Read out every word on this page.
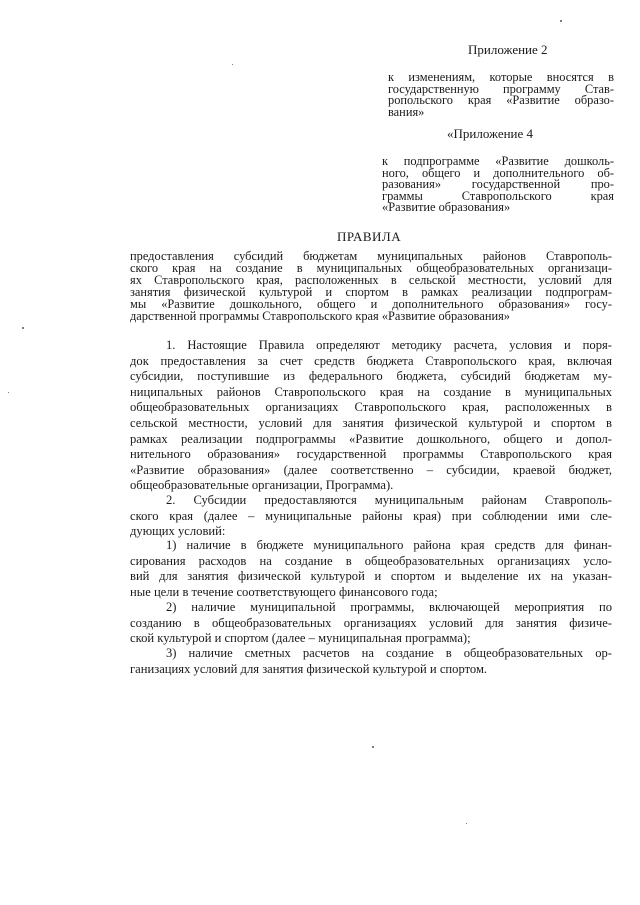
Приложение 2
к изменениям, которые вносятся в
государственную программу Став-
ропольского края «Развитие образо-
вания»
«Приложение 4
к подпрограмме «Развитие дошколь-
ного, общего и дополнительного об-
разования» государственной про-
граммы Ставропольского края
«Развитие образования»
ПРАВИЛА
предоставления субсидий бюджетам муниципальных районов Ставрополь-
ского края на создание в муниципальных общеобразовательных организаци-
ях Ставропольского края, расположенных в сельской местности, условий для
занятия физической культурой и спортом в рамках реализации подпрограм-
мы «Развитие дошкольного, общего и дополнительного образования» госу-
дарственной программы Ставропольского края «Развитие образования»
1. Настоящие Правила определяют методику расчета, условия и поря-
док предоставления за счет средств бюджета Ставропольского края, включая
субсидии, поступившие из федерального бюджета, субсидий бюджетам му-
ниципальных районов Ставропольского края на создание в муниципальных
общеобразовательных организациях Ставропольского края, расположенных в
сельской местности, условий для занятия физической культурой и спортом в
рамках реализации подпрограммы «Развитие дошкольного, общего и допол-
нительного образования» государственной программы Ставропольского края
«Развитие образования» (далее соответственно – субсидии, краевой бюджет,
общеобразовательные организации, Программа).
2. Субсидии предоставляются муниципальным районам Ставрополь-
ского края (далее – муниципальные районы края) при соблюдении ими сле-
дующих условий:
1) наличие в бюджете муниципального района края средств для финан-
сирования расходов на создание в общеобразовательных организациях усло-
вий для занятия физической культурой и спортом и выделение их на указан-
ные цели в течение соответствующего финансового года;
2) наличие муниципальной программы, включающей мероприятия по
созданию в общеобразовательных организациях условий для занятия физиче-
ской культурой и спортом (далее – муниципальная программа);
3) наличие сметных расчетов на создание в общеобразовательных ор-
ганизациях условий для занятия физической культурой и спортом.
